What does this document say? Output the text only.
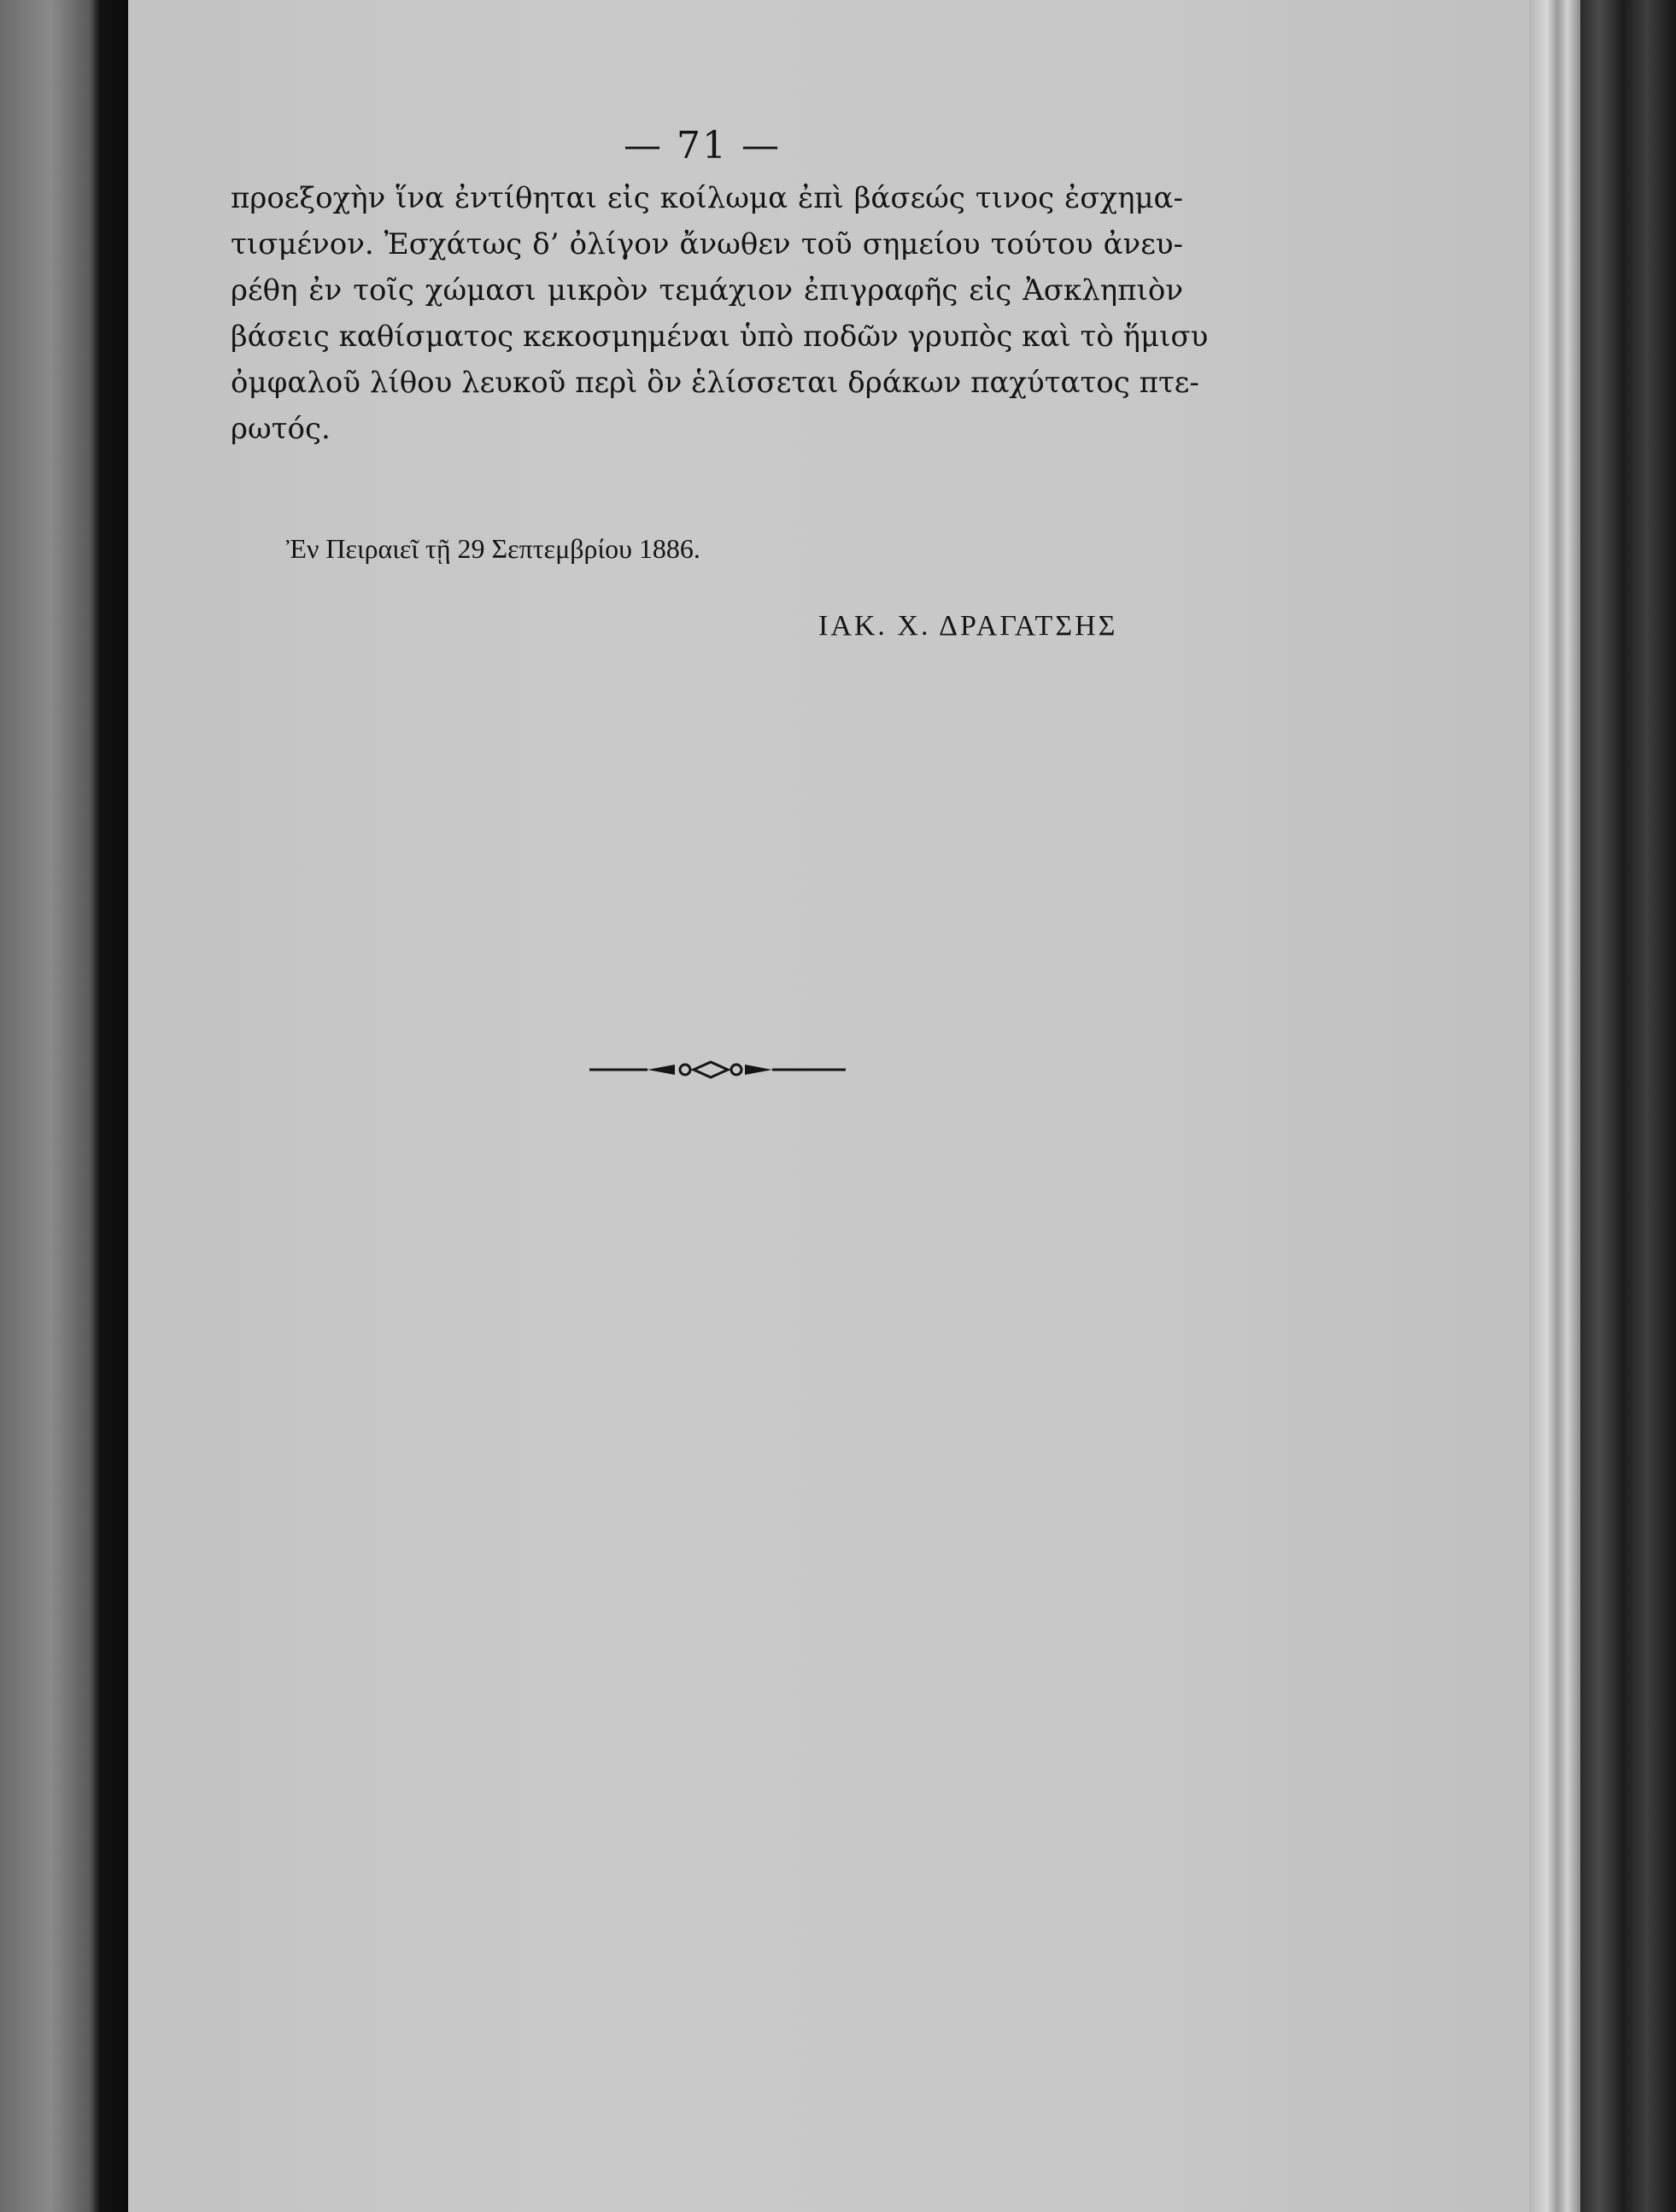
— 71 —
προεξοχὴν ἵνα ἐντίθηται εἰς κοίλωμα ἐπὶ βάσεώς τινος ἐσχημα-
τισμένον. Ἐσχάτως δ’ ὀλίγον ἄνωθεν τοῦ σημείου τούτου ἀνευ-
ρέθη ἐν τοῖς χώμασι μικρὸν τεμάχιον ἐπιγραφῆς εἰς Ἀσκληπιὸν
βάσεις καθίσματος κεκοσμημέναι ὑπὸ ποδῶν γρυπὸς καὶ τὸ ἥμισυ
ὀμφαλοῦ λίθου λευκοῦ περὶ ὃν ἑλίσσεται δράκων παχύτατος πτε-
ρωτός.
Ἐν Πειραιεῖ τῇ 29 Σεπτεμβρίου 1886.
ΙΑΚ. Χ. ΔΡΑΓΑΤΣΗΣ
